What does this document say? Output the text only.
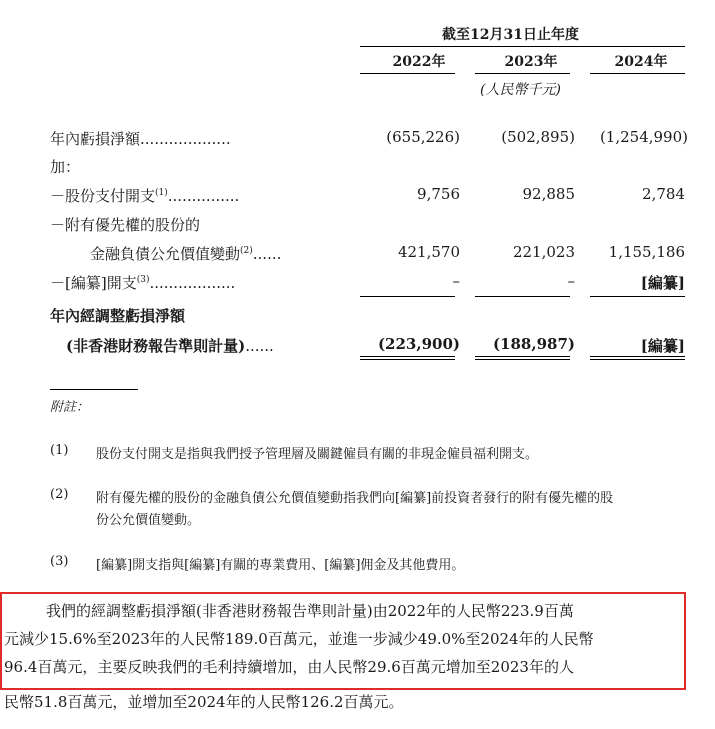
截至12月31日止年度
2022年	2023年	2024年
(人民幣千元)
年內虧損淨額...................	(655,226)	(502,895)	(1,254,990)
加：
－股份支付開支$^{(1)}$...............	9,756	92,885	2,784
－附有優先權的股份的
金融負債公允價值變動$^{(2)}$......	421,570	221,023	1,155,186
－[編纂]開支$^{(3)}$..................	–	–	[編纂]
年內經調整虧損淨額
(非香港財務報告準則計量)......	(223,900)	(188,987)	[編纂]
附註：
(1) 股份支付開支是指與我們授予管理層及關鍵僱員有關的非現金僱員福利開支。
(2) 附有優先權的股份的金融負債公允價值變動指我們向[編纂]前投資者發行的附有優先權的股
份公允價值變動。
(3) [編纂]開支指與[編纂]有關的專業費用、[編纂]佣金及其他費用。
我們的經調整虧損淨額(非香港財務報告準則計量)由2022年的人民幣223.9百萬
元減少15.6%至2023年的人民幣189.0百萬元，並進一步減少49.0%至2024年的人民幣
96.4百萬元，主要反映我們的毛利持續增加，由人民幣29.6百萬元增加至2023年的人
民幣51.8百萬元，並增加至2024年的人民幣126.2百萬元。
